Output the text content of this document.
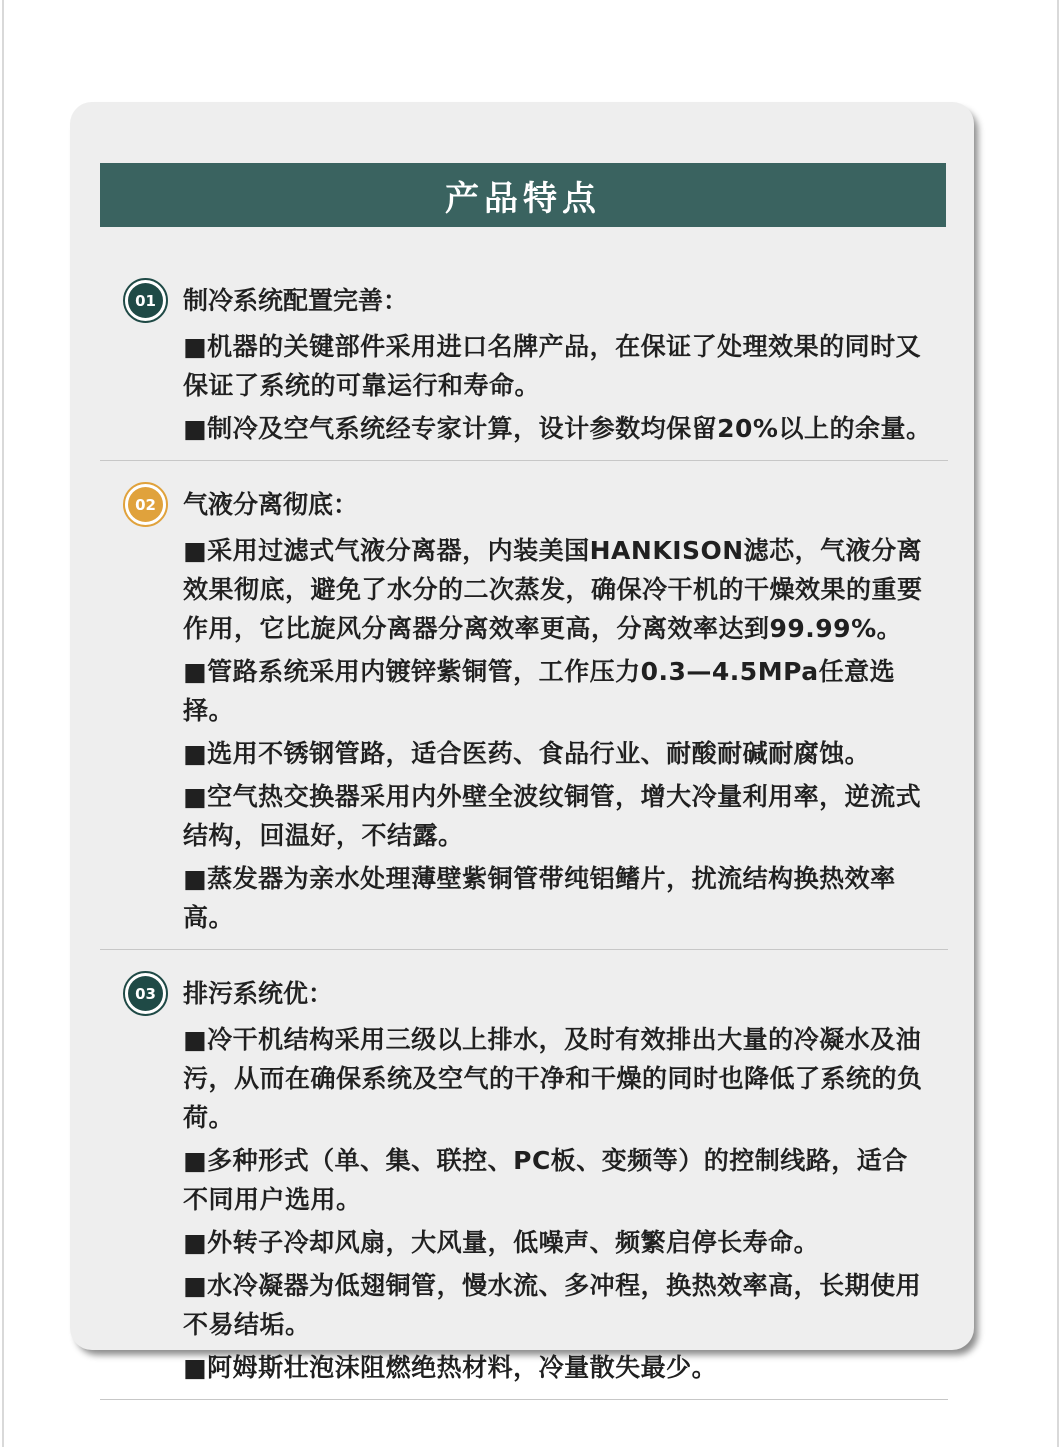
产品特点
01 制冷系统配置完善：

■机器的关键部件采用进口名牌产品，在保证了处理效果的同时又保证了系统的可靠运行和寿命。

■制冷及空气系统经专家计算，设计参数均保留20%以上的余量。

02 气液分离彻底：

■采用过滤式气液分离器，内装美国HANKISON滤芯，气液分离效果彻底，避免了水分的二次蒸发，确保冷干机的干燥效果的重要作用，它比旋风分离器分离效率更高，分离效率达到99.99%。

■管路系统采用内镀锌紫铜管，工作压力0.3—4.5MPa任意选择。

■选用不锈钢管路，适合医药、食品行业、耐酸耐碱耐腐蚀。

■空气热交换器采用内外壁全波纹铜管，增大冷量利用率，逆流式结构，回温好，不结露。

■蒸发器为亲水处理薄壁紫铜管带纯铝鳍片，扰流结构换热效率高。

03 排污系统优：

■冷干机结构采用三级以上排水，及时有效排出大量的冷凝水及油污，从而在确保系统及空气的干净和干燥的同时也降低了系统的负荷。

■多种形式（单、集、联控、PC板、变频等）的控制线路，适合不同用户选用。

■外转子冷却风扇，大风量，低噪声、频繁启停长寿命。

■水冷凝器为低翅铜管，慢水流、多冲程，换热效率高，长期使用不易结垢。

■阿姆斯壮泡沫阻燃绝热材料，冷量散失最少。
